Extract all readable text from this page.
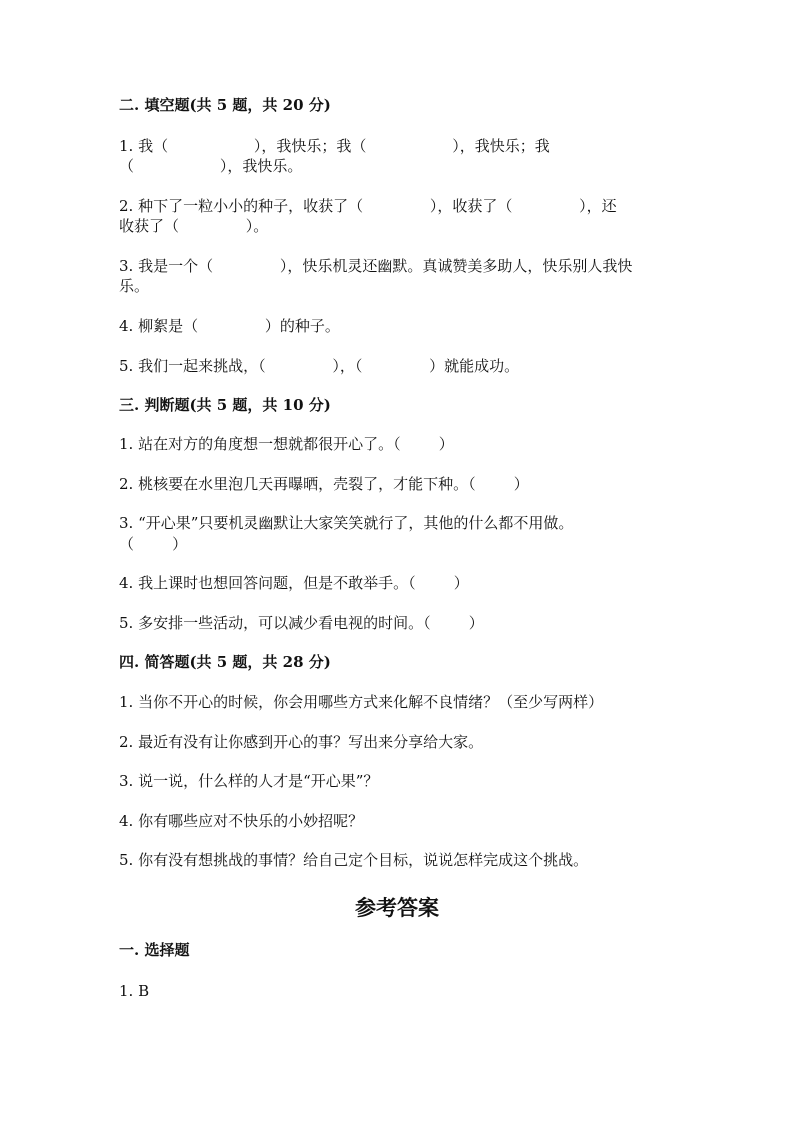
二. 填空题(共 5 题，共 20 分)

1. 我（                  ），我快乐；我（                  ），我快乐；我

（                  ），我快乐。

2. 种下了一粒小小的种子，收获了（              ），收获了（              ），还

收获了（              ）。

3. 我是一个（              ），快乐机灵还幽默。真诚赞美多助人，快乐别人我快

乐。

4. 柳絮是（              ）的种子。

5. 我们一起来挑战，（              ），（              ）就能成功。

三. 判断题(共 5 题，共 10 分)

1. 站在对方的角度想一想就都很开心了。（        ）

2. 桃核要在水里泡几天再曝晒，壳裂了，才能下种。（        ）

3. “开心果”只要机灵幽默让大家笑笑就行了，其他的什么都不用做。

（        ）

4. 我上课时也想回答问题，但是不敢举手。（        ）

5. 多安排一些活动，可以减少看电视的时间。（        ）

四. 简答题(共 5 题，共 28 分)

1. 当你不开心的时候，你会用哪些方式来化解不良情绪？（至少写两样）

2. 最近有没有让你感到开心的事？写出来分享给大家。

3. 说一说，什么样的人才是“开心果”？

4. 你有哪些应对不快乐的小妙招呢？

5. 你有没有想挑战的事情？给自己定个目标，说说怎样完成这个挑战。

参考答案

一. 选择题

1. B
